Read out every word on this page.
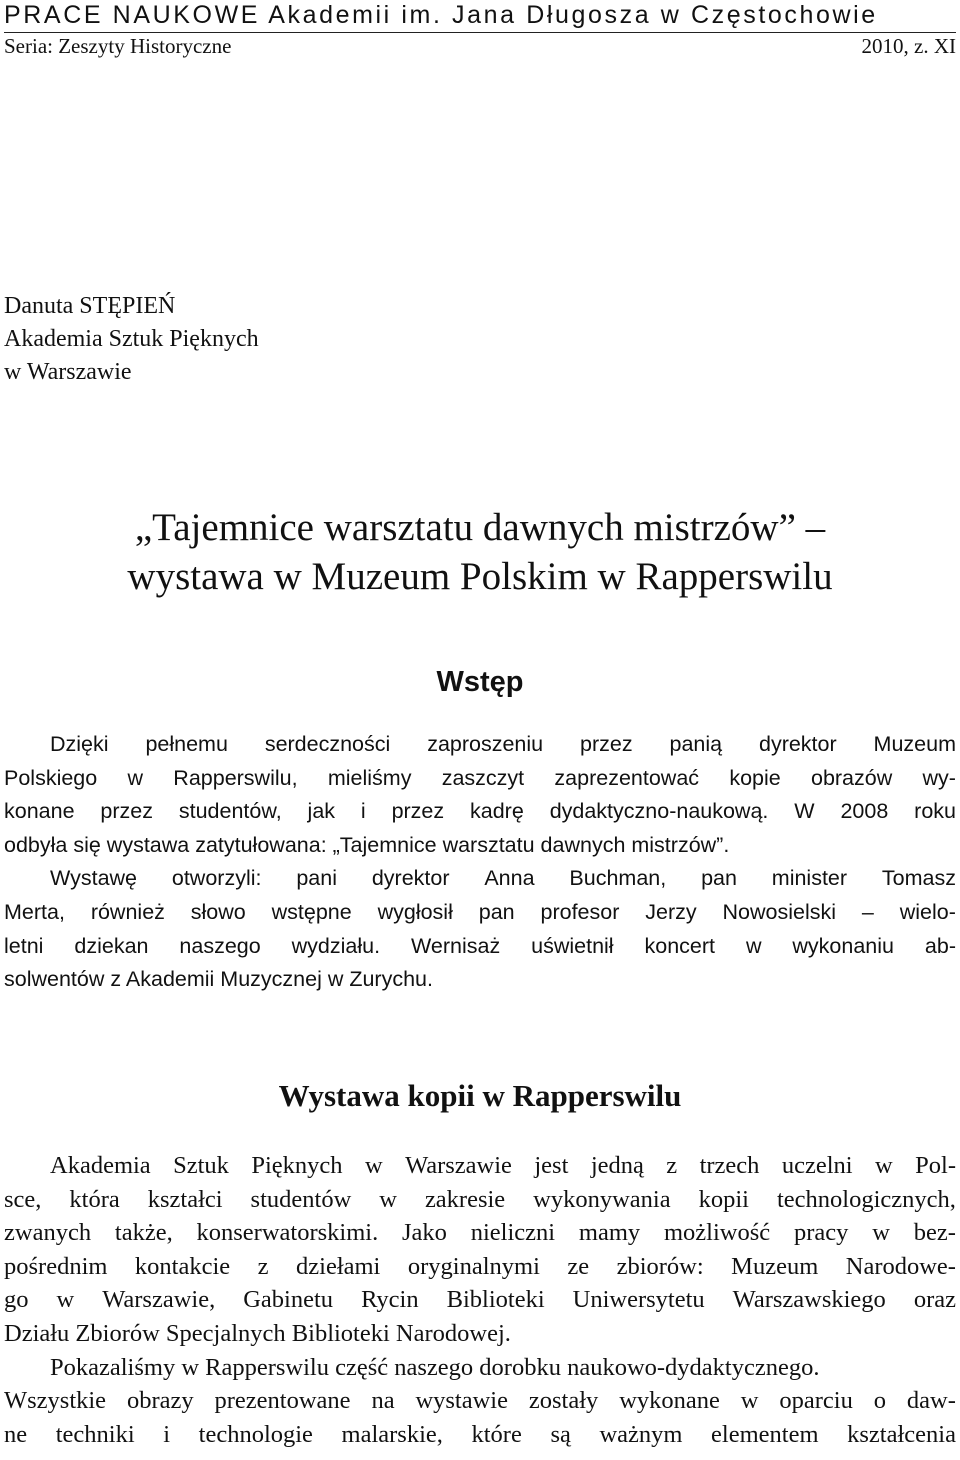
PRACE NAUKOWE Akademii im. Jana Długosza w Częstochowie
Seria: Zeszyty Historyczne	2010, z. XI
Danuta STĘPIEŃ
Akademia Sztuk Pięknych
w Warszawie
„Tajemnice warsztatu dawnych mistrzów” –
wystawa w Muzeum Polskim w Rapperswilu
Wstęp
Dzięki pełnemu serdeczności zaproszeniu przez panią dyrektor Muzeum
Polskiego w Rapperswilu, mieliśmy zaszczyt zaprezentować kopie obrazów wy-
konane przez studentów, jak i przez kadrę dydaktyczno-naukową. W 2008 roku
odbyła się wystawa zatytułowana: „Tajemnice warsztatu dawnych mistrzów”.
Wystawę otworzyli: pani dyrektor Anna Buchman, pan minister Tomasz
Merta, również słowo wstępne wygłosił pan profesor Jerzy Nowosielski – wielo-
letni dziekan naszego wydziału. Wernisaż uświetnił koncert w wykonaniu ab-
solwentów z Akademii Muzycznej w Zurychu.
Wystawa kopii w Rapperswilu
Akademia Sztuk Pięknych w Warszawie jest jedną z trzech uczelni w Pol-
sce, która kształci studentów w zakresie wykonywania kopii technologicznych,
zwanych także, konserwatorskimi. Jako nieliczni mamy możliwość pracy w bez-
pośrednim kontakcie z dziełami oryginalnymi ze zbiorów: Muzeum Narodowe-
go w Warszawie, Gabinetu Rycin Biblioteki Uniwersytetu Warszawskiego oraz
Działu Zbiorów Specjalnych Biblioteki Narodowej.
Pokazaliśmy w Rapperswilu część naszego dorobku naukowo-dydaktycznego.
Wszystkie obrazy prezentowane na wystawie zostały wykonane w oparciu o daw-
ne techniki i technologie malarskie, które są ważnym elementem kształcenia
